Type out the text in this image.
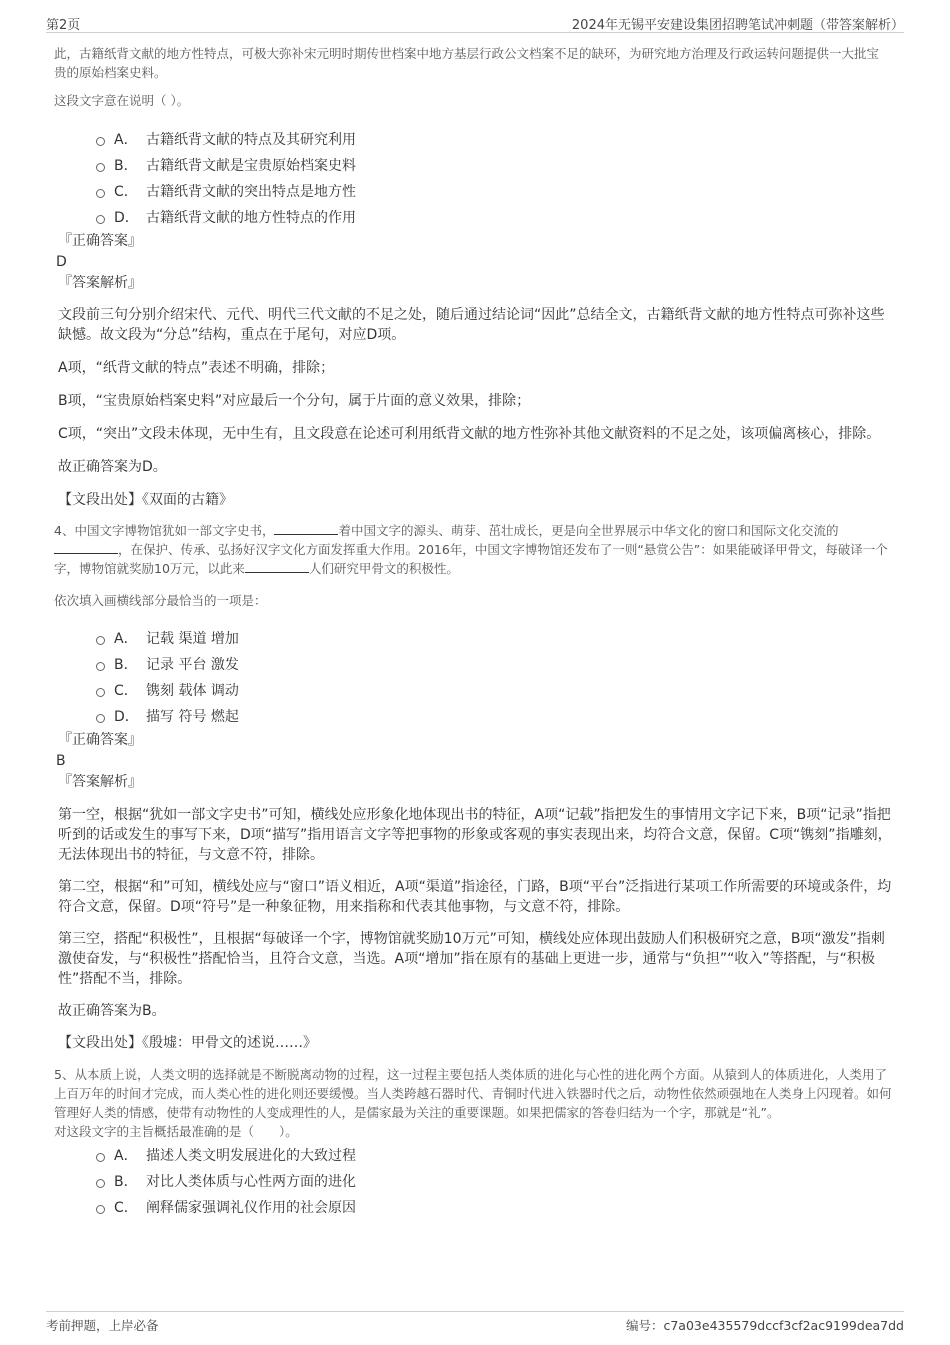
第2页	2024年无锡平安建设集团招聘笔试冲刺题（带答案解析）

此，古籍纸背文献的地方性特点，可极大弥补宋元明时期传世档案中地方基层行政公文档案不足的缺环，为研究地方治理及行政运转问题提供一大批宝贵的原始档案史料。

这段文字意在说明（ ）。

A． 古籍纸背文献的特点及其研究利用
B． 古籍纸背文献是宝贵原始档案史料
C． 古籍纸背文献的突出特点是地方性
D． 古籍纸背文献的地方性特点的作用
『正确答案』
D
『答案解析』

文段前三句分别介绍宋代、元代、明代三代文献的不足之处，随后通过结论词“因此”总结全文，古籍纸背文献的地方性特点可弥补这些缺憾。故文段为“分总”结构，重点在于尾句，对应D项。

A项，“纸背文献的特点”表述不明确，排除；

B项，“宝贵原始档案史料”对应最后一个分句，属于片面的意义效果，排除；

C项，“突出”文段未体现，无中生有，且文段意在论述可利用纸背文献的地方性弥补其他文献资料的不足之处，该项偏离核心，排除。

故正确答案为D。

【文段出处】《双面的古籍》

4、中国文字博物馆犹如一部文字史书，	着中国文字的源头、萌芽、茁壮成长，更是向全世界展示中华文化的窗口和国际文化交流的，在保护、传承、弘扬好汉字文化方面发挥重大作用。2016年，中国文字博物馆还发布了一则“悬赏公告”：如果能破译甲骨文，每破译一个字，博物馆就奖励10万元，以此来	人们研究甲骨文的积极性。

依次填入画横线部分最恰当的一项是：

A． 记载 渠道 增加
B． 记录 平台 激发
C． 镌刻 载体 调动
D． 描写 符号 燃起
『正确答案』
B
『答案解析』

第一空，根据“犹如一部文字史书”可知，横线处应形象化地体现出书的特征，A项“记载”指把发生的事情用文字记下来，B项“记录”指把听到的话或发生的事写下来，D项“描写”指用语言文字等把事物的形象或客观的事实表现出来，均符合文意，保留。C项“镌刻”指雕刻，无法体现出书的特征，与文意不符，排除。

第二空，根据“和”可知，横线处应与“窗口”语义相近，A项“渠道”指途径，门路，B项“平台”泛指进行某项工作所需要的环境或条件，均符合文意，保留。D项“符号”是一种象征物，用来指称和代表其他事物，与文意不符，排除。

第三空，搭配“积极性”，且根据“每破译一个字，博物馆就奖励10万元”可知，横线处应体现出鼓励人们积极研究之意，B项“激发”指刺激使奋发，与“积极性”搭配恰当，且符合文意，当选。A项“增加”指在原有的基础上更进一步，通常与“负担”“收入”等搭配，与“积极性”搭配不当，排除。

故正确答案为B。

【文段出处】《殷墟：甲骨文的述说……》

5、从本质上说，人类文明的选择就是不断脱离动物的过程，这一过程主要包括人类体质的进化与心性的进化两个方面。从猿到人的体质进化，人类用了上百万年的时间才完成，而人类心性的进化则还要缓慢。当人类跨越石器时代、青铜时代进入铁器时代之后，动物性依然顽强地在人类身上闪现着。如何管理好人类的情感，使带有动物性的人变成理性的人，是儒家最为关注的重要课题。如果把儒家的答卷归结为一个字，那就是“礼”。

对这段文字的主旨概括最准确的是（　　）。

A． 描述人类文明发展进化的大致过程
B． 对比人类体质与心性两方面的进化
C． 阐释儒家强调礼仪作用的社会原因
考前押题，上岸必备	编号：c7a03e435579dccf3cf2ac9199dea7dd
